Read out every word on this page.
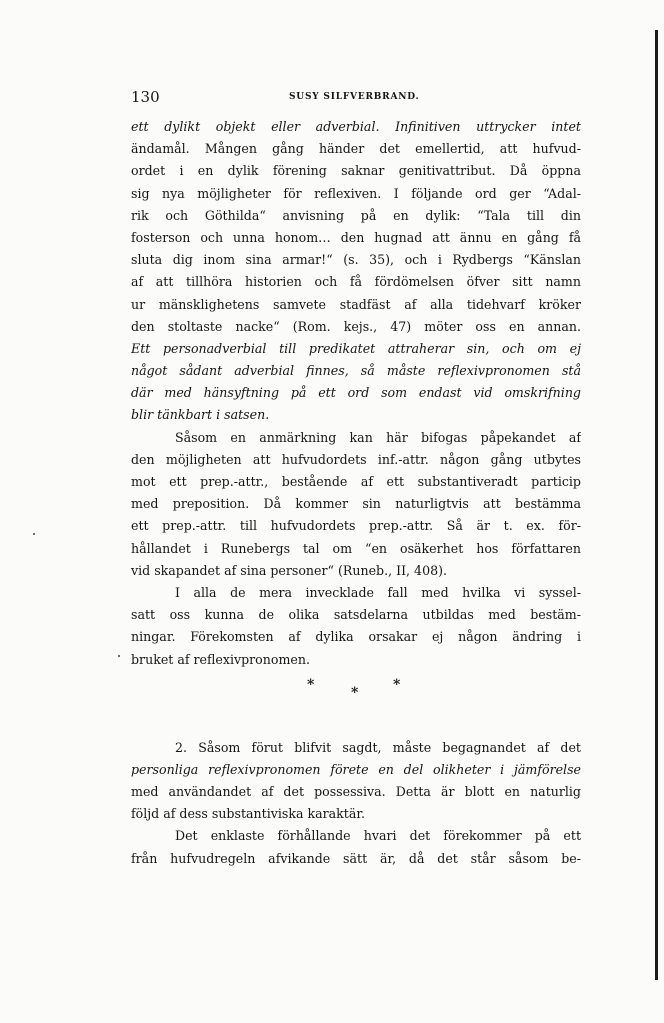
130	SUSY SILFVERBRAND.
ett dylikt objekt eller adverbial. Infinitiven uttrycker intet
ändamål. Mången gång händer det emellertid, att hufvud-
ordet i en dylik förening saknar genitivattribut. Då öppna
sig nya möjligheter för reflexiven. I följande ord ger “Adal-
rik och Göthilda“ anvisning på en dylik: “Tala till din
fosterson och unna honom… den hugnad att ännu en gång få
sluta dig inom sina armar!“ (s. 35), och i Rydbergs “Känslan
af att tillhöra historien och få fördömelsen öfver sitt namn
ur mänsklighetens samvete stadfäst af alla tidehvarf kröker
den stoltaste nacke“ (Rom. kejs., 47) möter oss en annan.
Ett personadverbial till predikatet attraherar sin, och om ej
något sådant adverbial finnes, så måste reflexivpronomen stå
där med hänsyftning på ett ord som endast vid omskrifning
blir tänkbart i satsen.
Såsom en anmärkning kan här bifogas påpekandet af
den möjligheten att hufvudordets inf.-attr. någon gång utbytes
mot ett prep.-attr., bestående af ett substantiveradt particip
med preposition. Då kommer sin naturligtvis att bestämma
ett prep.-attr. till hufvudordets prep.-attr. Så är t. ex. för-
hållandet i Runebergs tal om “en osäkerhet hos författaren
vid skapandet af sina personer“ (Runeb., II, 408).
I alla de mera invecklade fall med hvilka vi syssel-
satt oss kunna de olika satsdelarna utbildas med bestäm-
ningar. Förekomsten af dylika orsakar ej någon ändring i
bruket af reflexivpronomen.
*	* *
2. Såsom förut blifvit sagdt, måste begagnandet af det
personliga reflexivpronomen förete en del olikheter i jämförelse
med användandet af det possessiva. Detta är blott en naturlig
följd af dess substantiviska karaktär.
Det enklaste förhållande hvari det förekommer på ett
från hufvudregeln afvikande sätt är, då det står såsom be-
